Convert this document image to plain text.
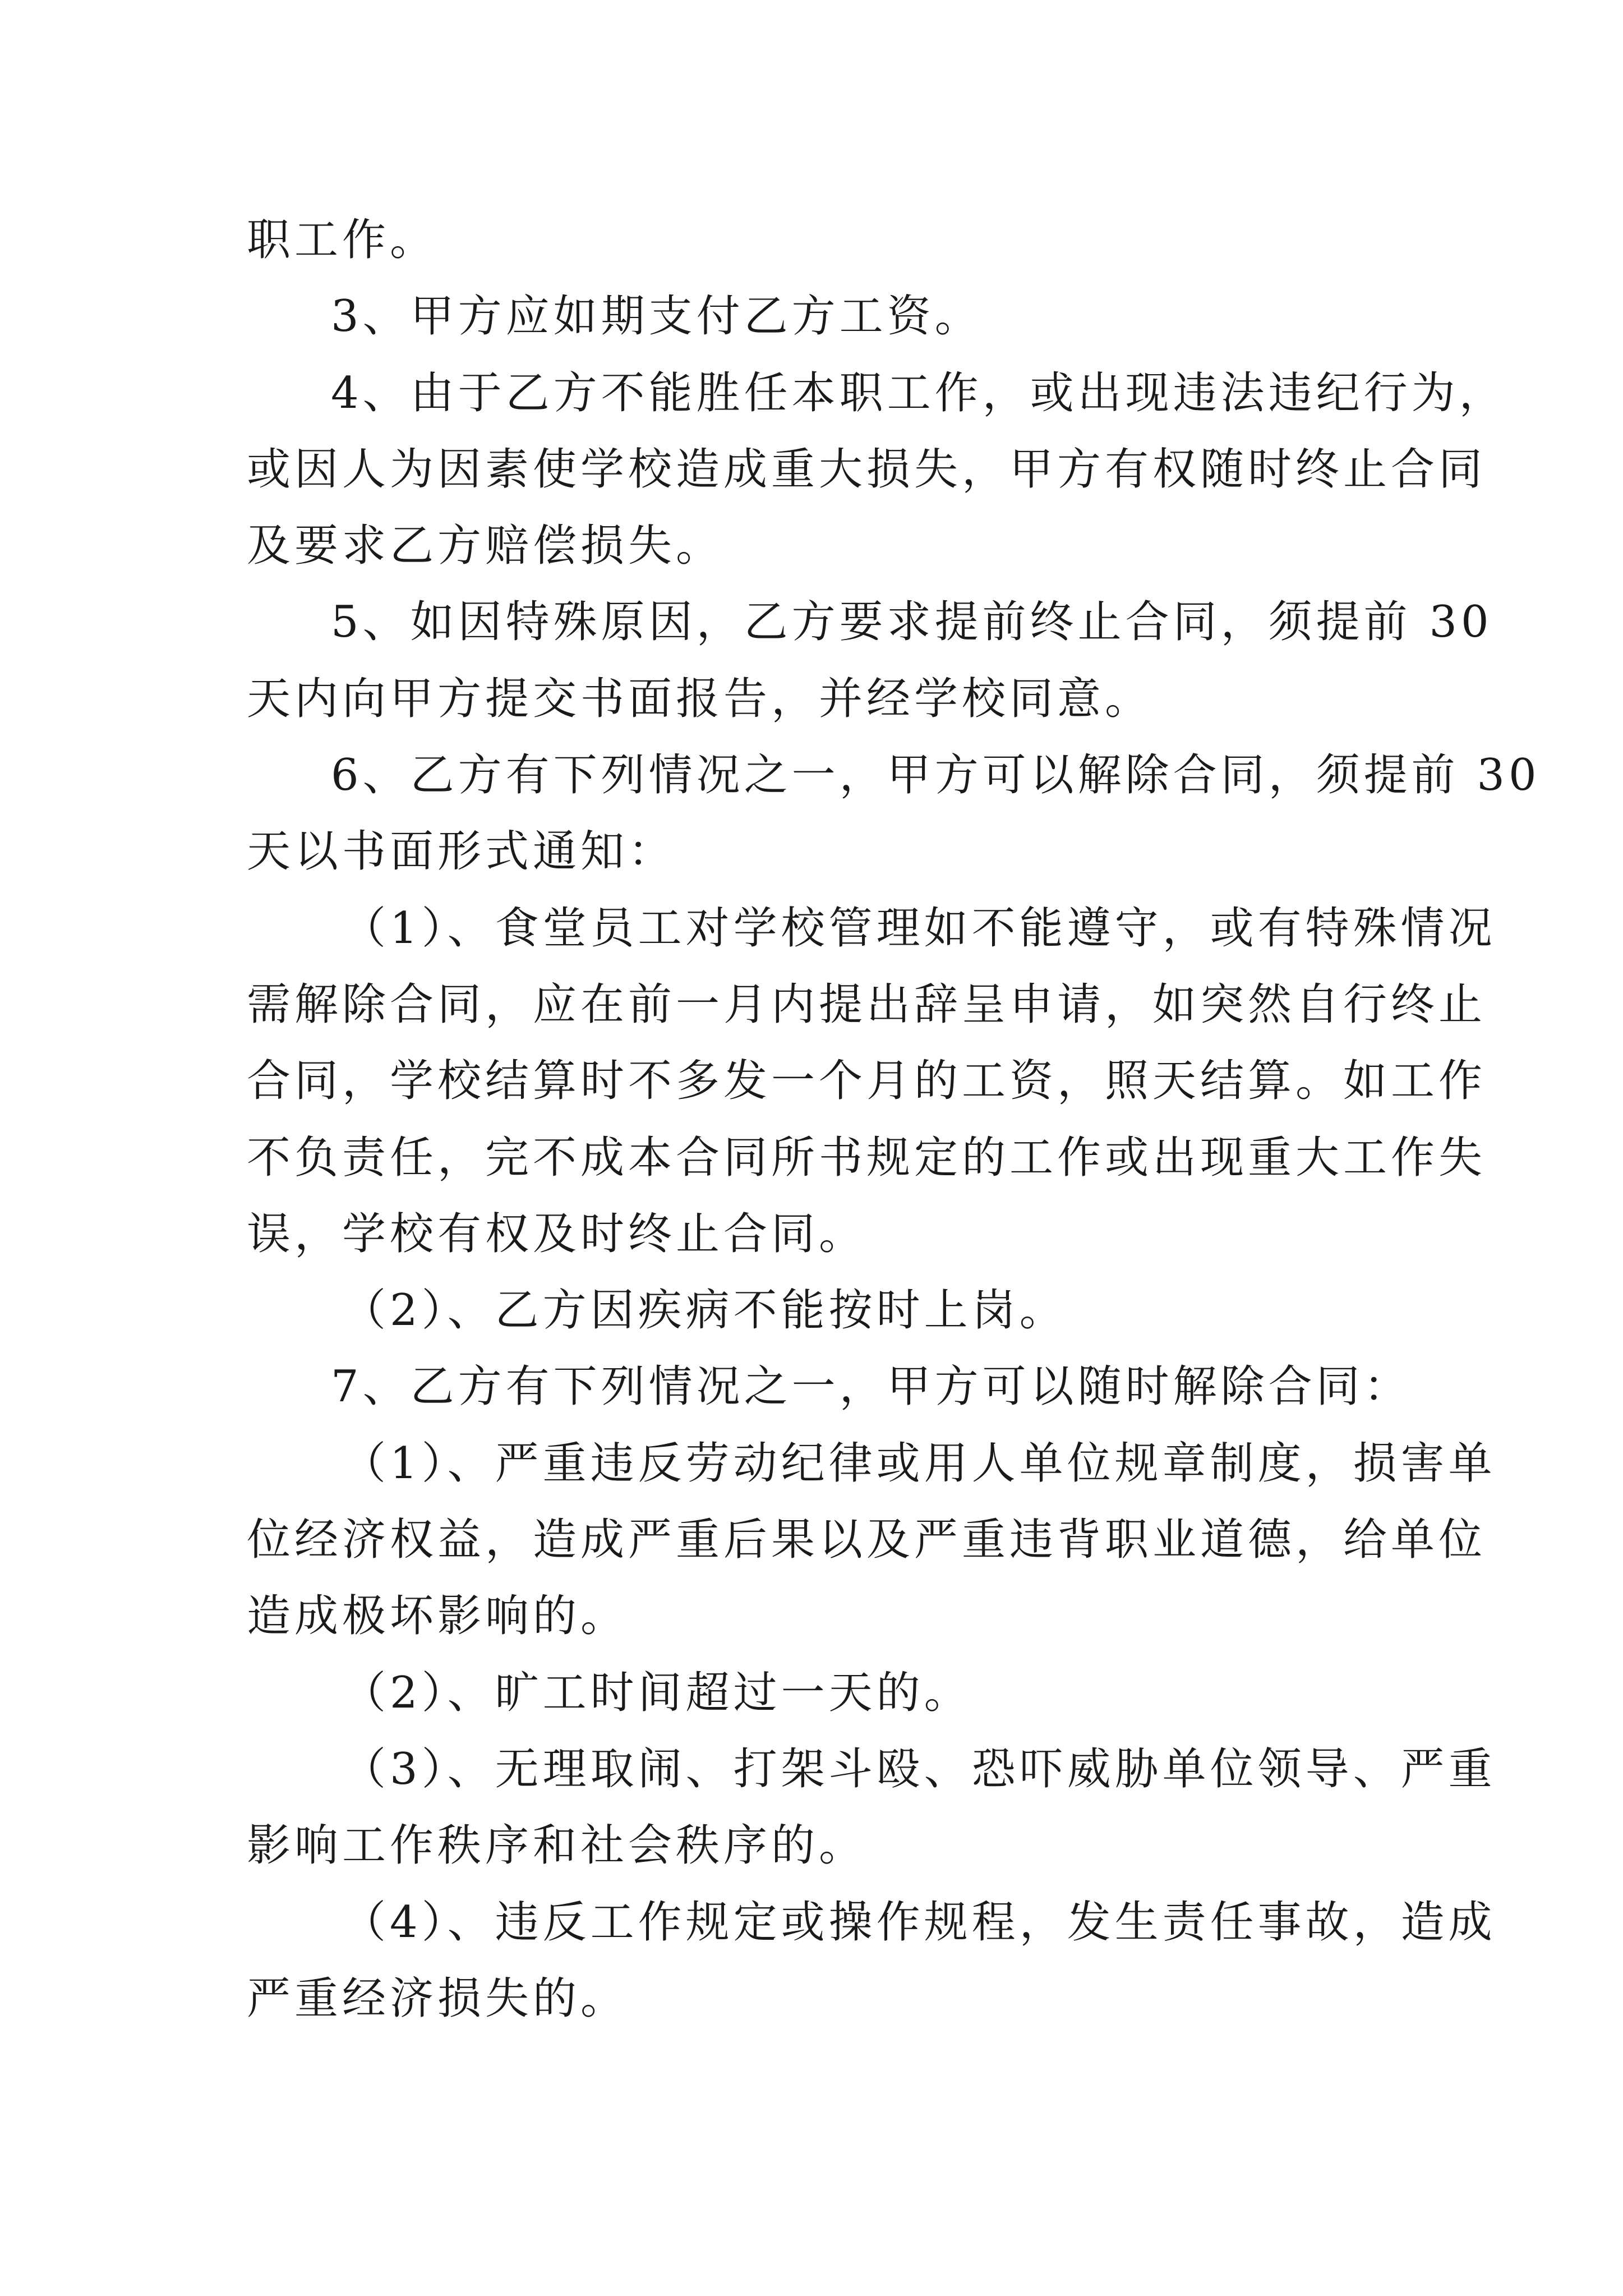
职工作。
3、甲方应如期支付乙方工资。
4、由于乙方不能胜任本职工作，或出现违法违纪行为，
或因人为因素使学校造成重大损失，甲方有权随时终止合同
及要求乙方赔偿损失。
5、如因特殊原因，乙方要求提前终止合同，须提前 30
天内向甲方提交书面报告，并经学校同意。
6、乙方有下列情况之一，甲方可以解除合同，须提前 30
天以书面形式通知：
（1）、食堂员工对学校管理如不能遵守，或有特殊情况
需解除合同，应在前一月内提出辞呈申请，如突然自行终止
合同，学校结算时不多发一个月的工资，照天结算。如工作
不负责任，完不成本合同所书规定的工作或出现重大工作失
误，学校有权及时终止合同。
（2）、乙方因疾病不能按时上岗。
7、乙方有下列情况之一，甲方可以随时解除合同：
（1）、严重违反劳动纪律或用人单位规章制度，损害单
位经济权益，造成严重后果以及严重违背职业道德，给单位
造成极坏影响的。
（2）、旷工时间超过一天的。
（3）、无理取闹、打架斗殴、恐吓威胁单位领导、严重
影响工作秩序和社会秩序的。
（4）、违反工作规定或操作规程，发生责任事故，造成
严重经济损失的。
